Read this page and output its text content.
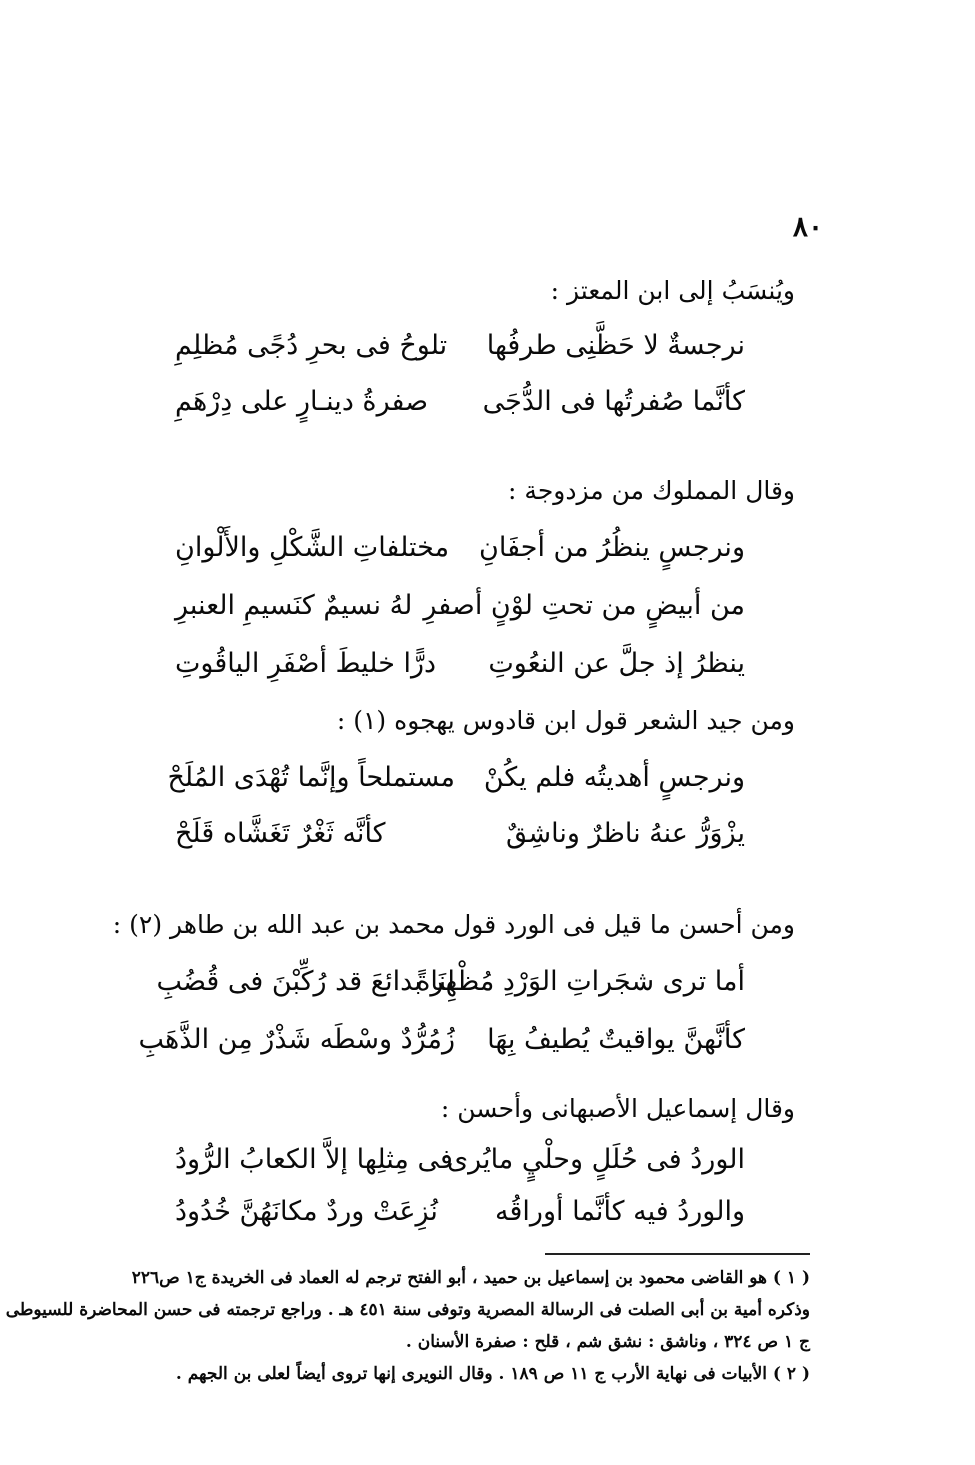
٨٠
ويُنسَبُ إلى ابن المعتز :
نرجسةٌ لا حَظَّنِى طرفُها
تلوحُ فى بحرِ دُجًى مُظلِمِ
كأنَّما صُفرتُها فى الدُّجَى
صفرةُ دينـارٍ على دِرْهَمِ
وقال المملوك من مزدوجة :
ونرجسٍ ينظُرُ من أجفَانِ
مختلفاتِ الشَّكْلِ والأَلْوانِ
من أبيضٍ من تحتِ لوْنٍ أصفرِ
لهُ نسيمٌ كنَسيمِ العنبرِ
ينظرُ إذ جلَّ عن النعُوتِ
درًّا خليطَ أصْفَرِ الياقُوتِ
ومن جيد الشعر قول ابن قادوس يهجوه (١) :
ونرجسٍ أهديتُه فلم يكُنْ
مستملحاً وإنَّما تُهْدَى المُلَحْ
يزْوَرُّ عنهُ ناظرٌ وناشِقٌ
كأنَّه ثَغْرٌ تَغَشَّاه قَلَحْ
ومن أحسن ما قيل فى الورد قول محمد بن عبد الله بن طاهر (٢) :
أما ترى شجَراتِ الوَرْدِ مُظْهِرةً
لنَا بدائعَ قد رُكِّبْنَ فى قُضُبِ
كأنَّهنَّ يواقيتٌ يُطيفُ بِهَا
زُمُرُّدٌ وسْطَه شَذْرٌ مِن الذَّهَبِ
وقال إسماعيل الأصبهانى وأحسن :
الوردُ فى حُلَلٍ وحلْيٍ مايُرى
فى مِثلِها إلاَّ الكعابُ الرُّودُ
والوردُ فيه كأنَّما أوراقُه
نُزِعَتْ وردٌ مكانَهُنَّ خُدُودُ
( ١ ) هو القاضى محمود بن إسماعيل بن حميد ، أبو الفتح ترجم له العماد فى الخريدة ج١ ص٢٢٦
وذكره أمية بن أبى الصلت فى الرسالة المصرية وتوفى سنة ٤٥١ هـ . وراجع ترجمته فى حسن المحاضرة للسيوطى
ج ١ ص ٣٢٤ ، وناشق : نشق شم ، قلح : صفرة الأسنان .
( ٢ ) الأبيات فى نهاية الأرب ج ١١ ص ١٨٩ . وقال النويرى إنها تروى أيضاً لعلى بن الجهم .
